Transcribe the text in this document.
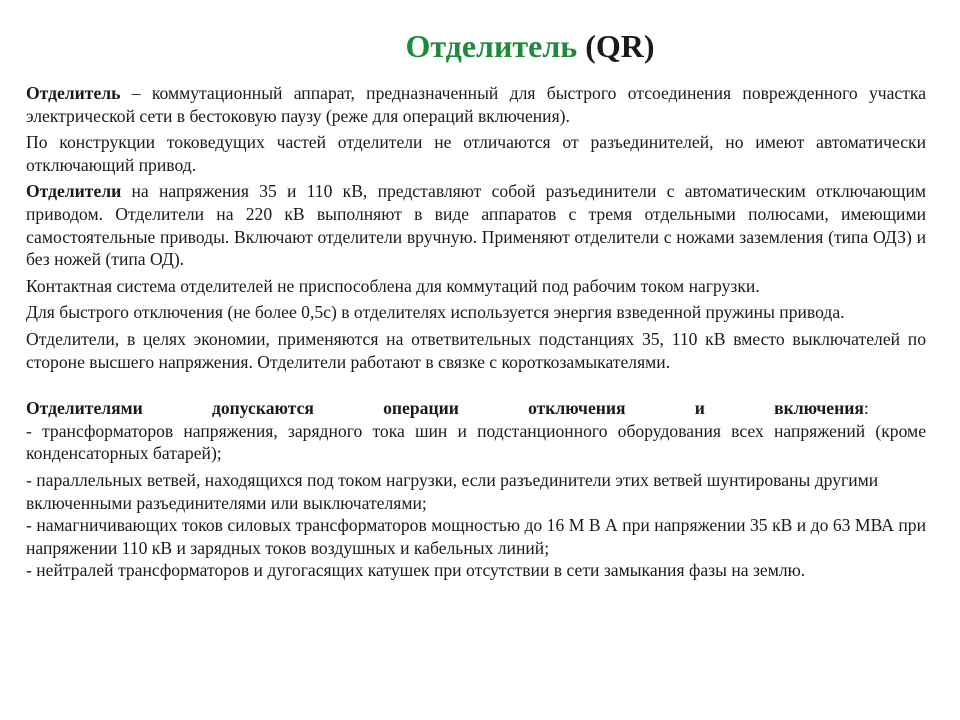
Отделитель (QR)

Отделитель – коммутационный аппарат, предназначенный для быстрого отсоединения поврежденного участка электрической сети в бестоковую паузу (реже для операций включения).

По конструкции токоведущих частей отделители не отличаются от разъединителей, но имеют автоматически отключающий привод.

Отделители на напряжения 35 и 110 кВ, представляют собой разъединители с автоматическим отключающим приводом. Отделители на 220 кВ выполняют в виде аппаратов с тремя отдельными полюсами, имеющими самостоятельные приводы. Включают отделители вручную. Применяют отделители с ножами заземления (типа ОДЗ) и без ножей (типа ОД).

Контактная система отделителей не приспособлена для коммутаций под рабочим током нагрузки.

Для быстрого отключения (не более 0,5с) в отделителях используется энергия взведенной пружины привода.

Отделители, в целях экономии, применяются на ответвительных подстанциях 35, 110 кВ вместо выключателей по стороне высшего напряжения. Отделители работают в связке с короткозамыкателями.

Отделителями	допускаются	операции	отключения	и	включения:

- трансформаторов напряжения, зарядного тока шин и подстанционного оборудования всех напряжений (кроме конденсаторных батарей);

- параллельных ветвей, находящихся под током нагрузки, если разъединители этих ветвей шунтированы другими включенными разъединителями или выключателями;

- намагничивающих токов силовых трансформаторов мощностью до 16 М В А при напряжении 35 кВ и до 63 МВА при напряжении 110 кВ и зарядных токов воздушных и кабельных линий;

- нейтралей трансформаторов и дугогасящих катушек при отсутствии в сети замыкания фазы на землю.
